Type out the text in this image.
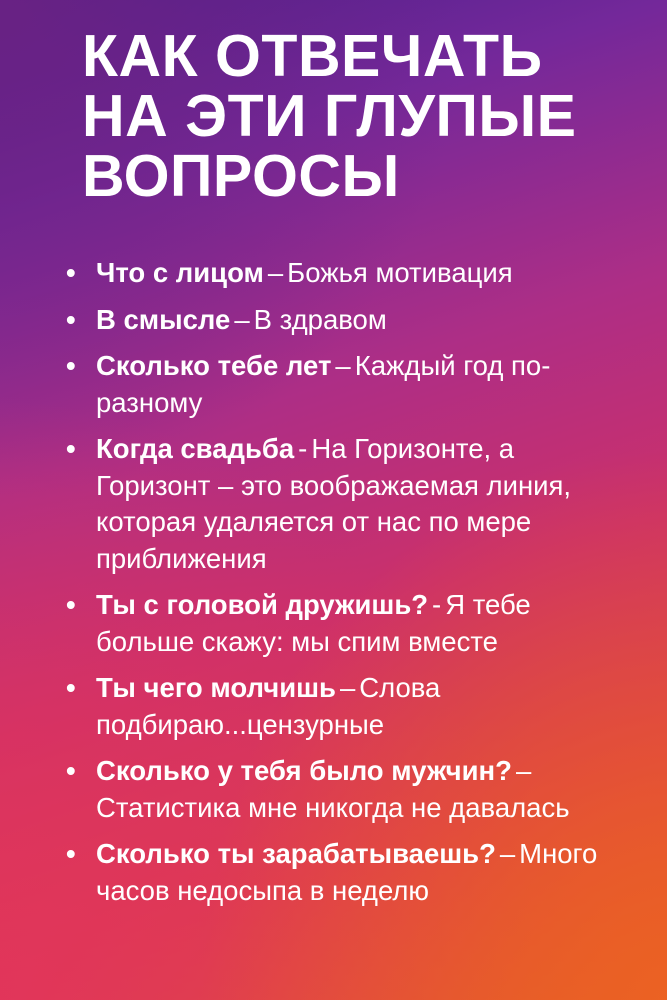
КАК ОТВЕЧАТЬ
НА ЭТИ ГЛУПЫЕ
ВОПРОСЫ
• Что с лицом – Божья мотивация
• В смысле – В здравом
• Сколько тебе лет – Каждый год по-разному
• Когда свадьба - На Горизонте, а Горизонт – это воображаемая линия, которая удаляется от нас по мере приближения
• Ты с головой дружишь? - Я тебе больше скажу: мы спим вместе
• Ты чего молчишь – Слова подбираю...цензурные
• Сколько у тебя было мужчин? –Статистика мне никогда не давалась
• Сколько ты зарабатываешь? – Много часов недосыпа в неделю
